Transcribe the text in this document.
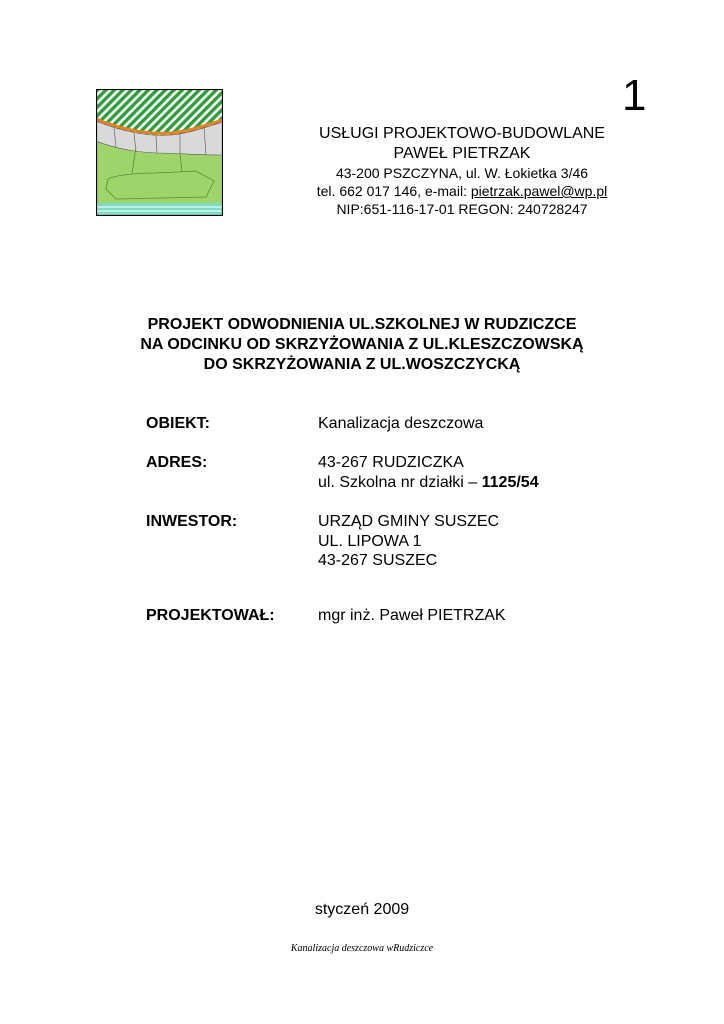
1
USŁUGI PROJEKTOWO-BUDOWLANE
PAWEŁ PIETRZAK
43-200 PSZCZYNA, ul. W. Łokietka 3/46
tel. 662 017 146, e-mail: pietrzak.pawel@wp.pl
NIP:651-116-17-01 REGON: 240728247
PROJEKT ODWODNIENIA UL.SZKOLNEJ W RUDZICZCE
NA ODCINKU OD SKRZYŻOWANIA Z UL.KLESZCZOWSKĄ
DO SKRZYŻOWANIA Z UL.WOSZCZYCKĄ
OBIEKT:	Kanalizacja deszczowa
ADRES:	43-267 RUDZICZKA
ul. Szkolna nr działki – 1125/54
INWESTOR:	URZĄD GMINY SUSZEC
UL. LIPOWA 1
43-267 SUSZEC
PROJEKTOWAŁ:	mgr inż. Paweł PIETRZAK
styczeń 2009
Kanalizacja deszczowa wRudziczce
